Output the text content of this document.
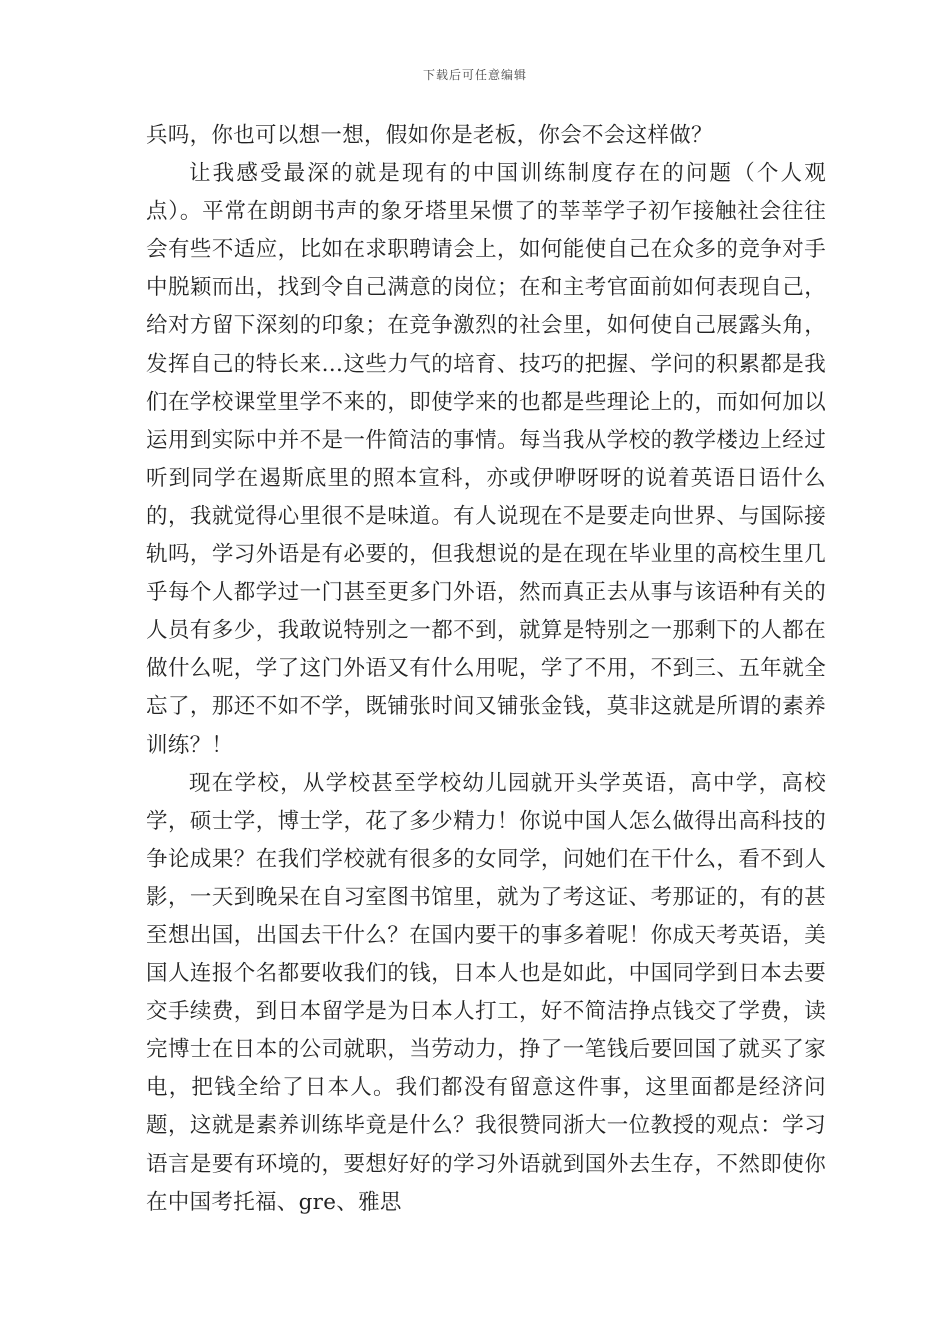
下载后可任意编辑

兵吗，你也可以想一想，假如你是老板，你会不会这样做？

让我感受最深的就是现有的中国训练制度存在的问题（个人观点）。平常在朗朗书声的象牙塔里呆惯了的莘莘学子初乍接触社会往往会有些不适应，比如在求职聘请会上，如何能使自己在众多的竞争对手中脱颖而出，找到令自己满意的岗位；在和主考官面前如何表现自己，给对方留下深刻的印象；在竞争激烈的社会里，如何使自己展露头角，发挥自己的特长来…这些力气的培育、技巧的把握、学问的积累都是我们在学校课堂里学不来的，即使学来的也都是些理论上的，而如何加以运用到实际中并不是一件简洁的事情。每当我从学校的教学楼边上经过听到同学在遏斯底里的照本宣科，亦或伊咿呀呀的说着英语日语什么的，我就觉得心里很不是味道。有人说现在不是要走向世界、与国际接轨吗，学习外语是有必要的，但我想说的是在现在毕业里的高校生里几乎每个人都学过一门甚至更多门外语，然而真正去从事与该语种有关的人员有多少，我敢说特别之一都不到，就算是特别之一那剩下的人都在做什么呢，学了这门外语又有什么用呢，学了不用，不到三、五年就全忘了，那还不如不学，既铺张时间又铺张金钱，莫非这就是所谓的素养训练？！

现在学校，从学校甚至学校幼儿园就开头学英语，高中学，高校学，硕士学，博士学，花了多少精力！你说中国人怎么做得出高科技的争论成果？在我们学校就有很多的女同学，问她们在干什么，看不到人影，一天到晚呆在自习室图书馆里，就为了考这证、考那证的，有的甚至想出国，出国去干什么？在国内要干的事多着呢！你成天考英语，美国人连报个名都要收我们的钱，日本人也是如此，中国同学到日本去要交手续费，到日本留学是为日本人打工，好不简洁挣点钱交了学费，读完博士在日本的公司就职，当劳动力，挣了一笔钱后要回国了就买了家电，把钱全给了日本人。我们都没有留意这件事，这里面都是经济问题，这就是素养训练毕竟是什么？我很赞同浙大一位教授的观点：学习语言是要有环境的，要想好好的学习外语就到国外去生存，不然即使你在中国考托福、gre、雅思
